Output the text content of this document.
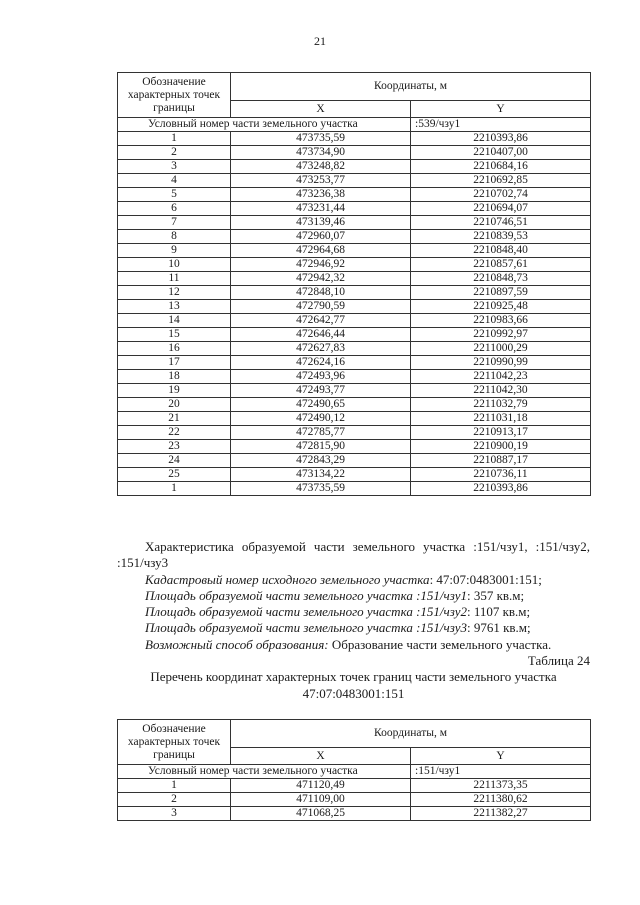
21
Обозначение характерных точек границы	Координаты, м	
	X	Y
Условный номер части земельного участка		:539/чзу1
1	473735,59	2210393,86
2	473734,90	2210407,00
3	473248,82	2210684,16
4	473253,77	2210692,85
5	473236,38	2210702,74
6	473231,44	2210694,07
7	473139,46	2210746,51
8	472960,07	2210839,53
9	472964,68	2210848,40
10	472946,92	2210857,61
11	472942,32	2210848,73
12	472848,10	2210897,59
13	472790,59	2210925,48
14	472642,77	2210983,66
15	472646,44	2210992,97
16	472627,83	2211000,29
17	472624,16	2210990,99
18	472493,96	2211042,23
19	472493,77	2211042,30
20	472490,65	2211032,79
21	472490,12	2211031,18
22	472785,77	2210913,17
23	472815,90	2210900,19
24	472843,29	2210887,17
25	473134,22	2210736,11
1	473735,59	2210393,86

Характеристика образуемой части земельного участка :151/чзу1, :151/чзу2, :151/чзу3

Кадастровый номер исходного земельного участка: 47:07:0483001:151;

Площадь образуемой части земельного участка :151/чзу1: 357 кв.м;

Площадь образуемой части земельного участка :151/чзу2: 1107 кв.м;

Площадь образуемой части земельного участка :151/чзу3: 9761 кв.м;

Возможный способ образования: Образование части земельного участка.

Таблица 24

Перечень координат характерных точек границ части земельного участка

47:07:0483001:151

Обозначение характерных точек границы	Координаты, м	
	X	Y
Условный номер части земельного участка		:151/чзу1
1	471120,49	2211373,35
2	471109,00	2211380,62
3	471068,25	2211382,27
